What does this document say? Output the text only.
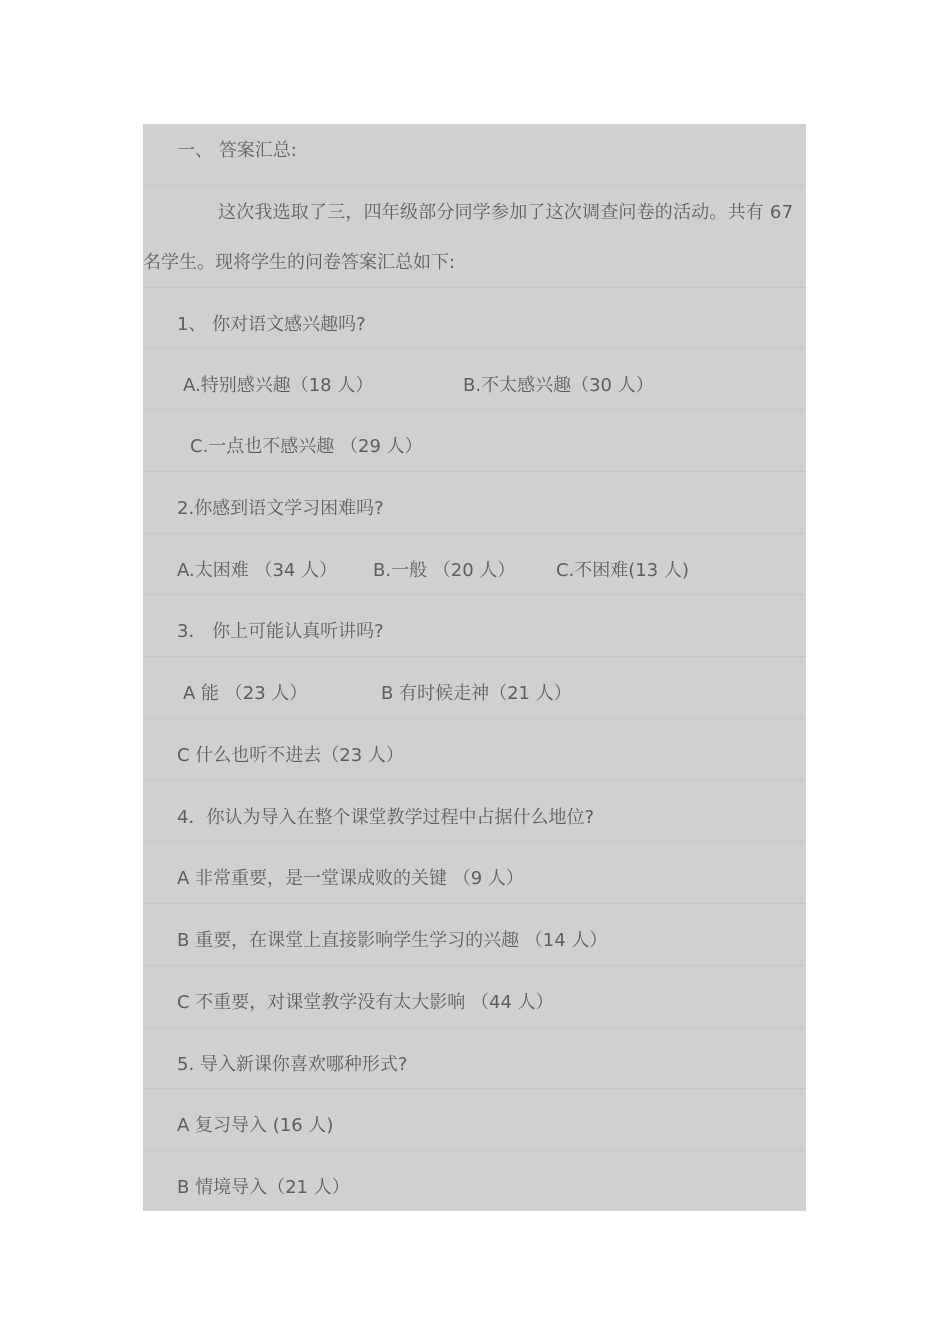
一、 答案汇总:
这次我选取了三，四年级部分同学参加了这次调查问卷的活动。共有 67
名学生。现将学生的问卷答案汇总如下:
1、 你对语文感兴趣吗?
A.特别感兴趣（18 人）	B.不太感兴趣（30 人）
C.一点也不感兴趣 （29 人）
2.你感到语文学习困难吗?
A.太困难 （34 人） B.一般 （20 人） C.不困难(13 人)
3． 你上可能认真听讲吗?
A 能 （23 人）	B 有时候走神（21 人）
C 什么也听不进去（23 人）
4．你认为导入在整个课堂教学过程中占据什么地位?
A 非常重要，是一堂课成败的关键 （9 人）
B 重要，在课堂上直接影响学生学习的兴趣 （14 人）
C 不重要，对课堂教学没有太大影响 （44 人）
5. 导入新课你喜欢哪种形式?
A 复习导入 (16 人)
B 情境导入（21 人）
